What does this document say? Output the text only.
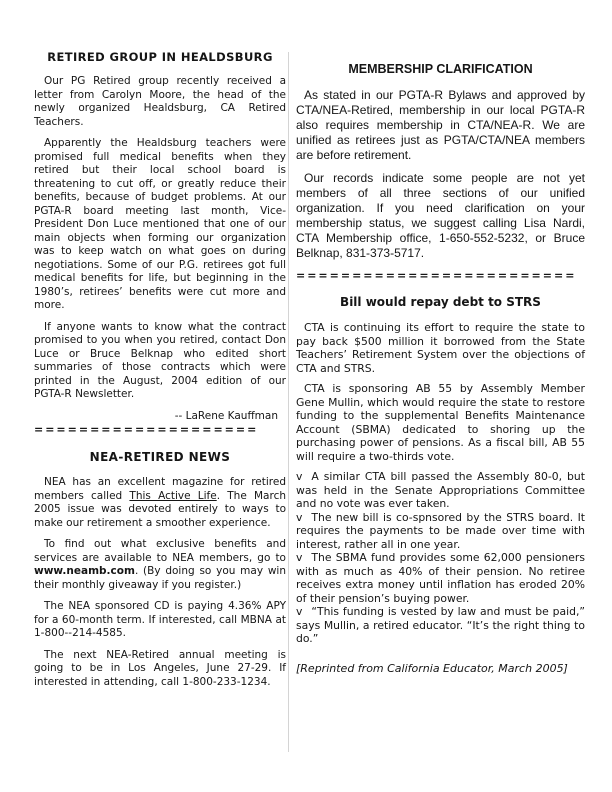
RETIRED GROUP IN HEALDSBURG

Our PG Retired group recently received a letter from Carolyn Moore, the head of the newly organized Healdsburg, CA Retired Teachers.

Apparently the Healdsburg teachers were promised full medical benefits when they retired but their local school board is threatening to cut off, or greatly reduce their benefits, because of budget problems. At our PGTA-R board meeting last month, Vice-President Don Luce mentioned that one of our main objects when forming our organization was to keep watch on what goes on during negotiations. Some of our P.G. retirees got full medical benefits for life, but beginning in the 1980’s, retirees’ benefits were cut more and more.

If anyone wants to know what the contract promised to you when you retired, contact Don Luce or Bruce Belknap who edited short summaries of those contracts which were printed in the August, 2004 edition of our PGTA-R Newsletter.

-- LaRene Kauffman

====================

NEA-RETIRED NEWS

NEA has an excellent magazine for retired members called This Active Life. The March 2005 issue was devoted entirely to ways to make our retirement a smoother experience.

To find out what exclusive benefits and services are available to NEA members, go to www.neamb.com. (By doing so you may win their monthly giveaway if you register.)

The NEA sponsored CD is paying 4.36% APY for a 60-month term. If interested, call MBNA at 1-800--214-4585.

The next NEA-Retired annual meeting is going to be in Los Angeles, June 27-29. If interested in attending, call 1-800-233-1234.

MEMBERSHIP CLARIFICATION

As stated in our PGTA-R Bylaws and approved by CTA/NEA-Retired, membership in our local PGTA-R also requires membership in CTA/NEA-R. We are unified as retirees just as PGTA/CTA/NEA members are before retirement.

Our records indicate some people are not yet members of all three sections of our unified organization. If you need clarification on your membership status, we suggest calling Lisa Nardi, CTA Membership office, 1-650-552-5232, or Bruce Belknap, 831-373-5717.

=========================

Bill would repay debt to STRS

CTA is continuing its effort to require the state to pay back $500 million it borrowed from the State Teachers’ Retirement System over the objections of CTA and STRS.

CTA is sponsoring AB 55 by Assembly Member Gene Mullin, which would require the state to restore funding to the supplemental Benefits Maintenance Account (SBMA) dedicated to shoring up the purchasing power of pensions. As a fiscal bill, AB 55 will require a two-thirds vote.

v A similar CTA bill passed the Assembly 80-0, but was held in the Senate Appropriations Committee and no vote was ever taken.

v The new bill is co-spnsored by the STRS board. It requires the payments to be made over time with interest, rather all in one year.

v The SBMA fund provides some 62,000 pensioners with as much as 40% of their pension. No retiree receives extra money until inflation has eroded 20% of their pension’s buying power.

v “This funding is vested by law and must be paid,” says Mullin, a retired educator. “It’s the right thing to do.”

[Reprinted from California Educator, March 2005]
